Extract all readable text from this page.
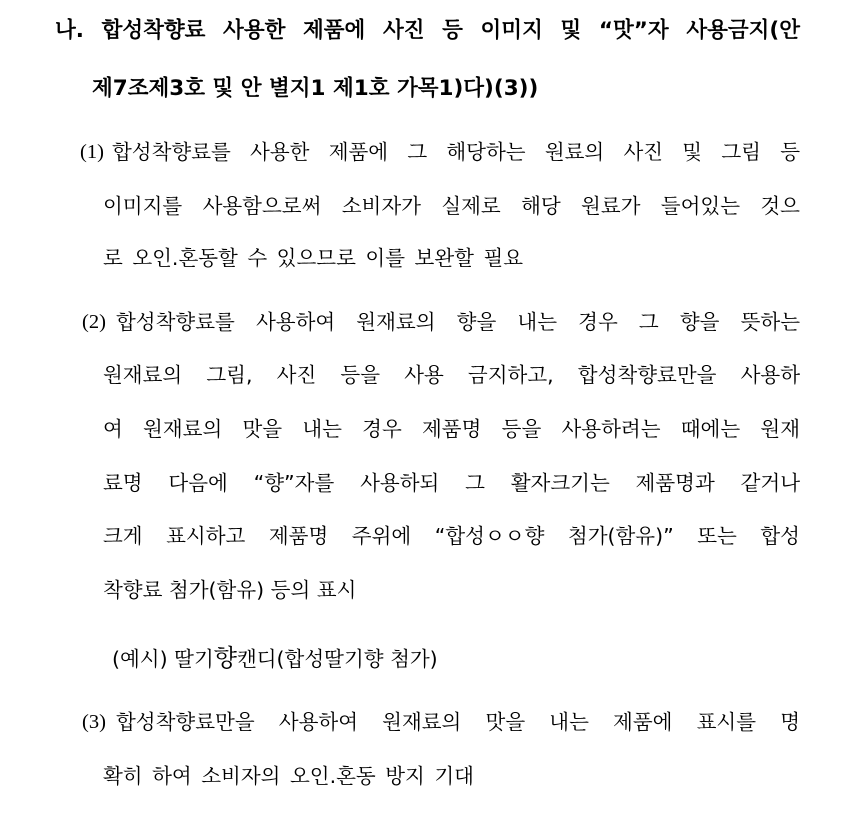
나. 합성착향료 사용한 제품에 사진 등 이미지 및 “맛”자 사용금지(안
제7조제3호 및 안 별지1 제1호 가목1)다)(3))
(1) 합성착향료를 사용한 제품에 그 해당하는 원료의 사진 및 그림 등
이미지를 사용함으로써 소비자가 실제로 해당 원료가 들어있는 것으
로 오인.혼동할 수 있으므로 이를 보완할 필요
(2) 합성착향료를 사용하여 원재료의 향을 내는 경우 그 향을 뜻하는
원재료의 그림, 사진 등을 사용 금지하고, 합성착향료만을 사용하
여 원재료의 맛을 내는 경우 제품명 등을 사용하려는 때에는 원재
료명 다음에 “향”자를 사용하되 그 활자크기는 제품명과 같거나
크게 표시하고 제품명 주위에 “합성ㅇㅇ향 첨가(함유)” 또는 합성
착향료 첨가(함유) 등의 표시
(예시) 딸기향캔디(합성딸기향 첨가)
(3) 합성착향료만을 사용하여 원재료의 맛을 내는 제품에 표시를 명
확히 하여 소비자의 오인.혼동 방지 기대
